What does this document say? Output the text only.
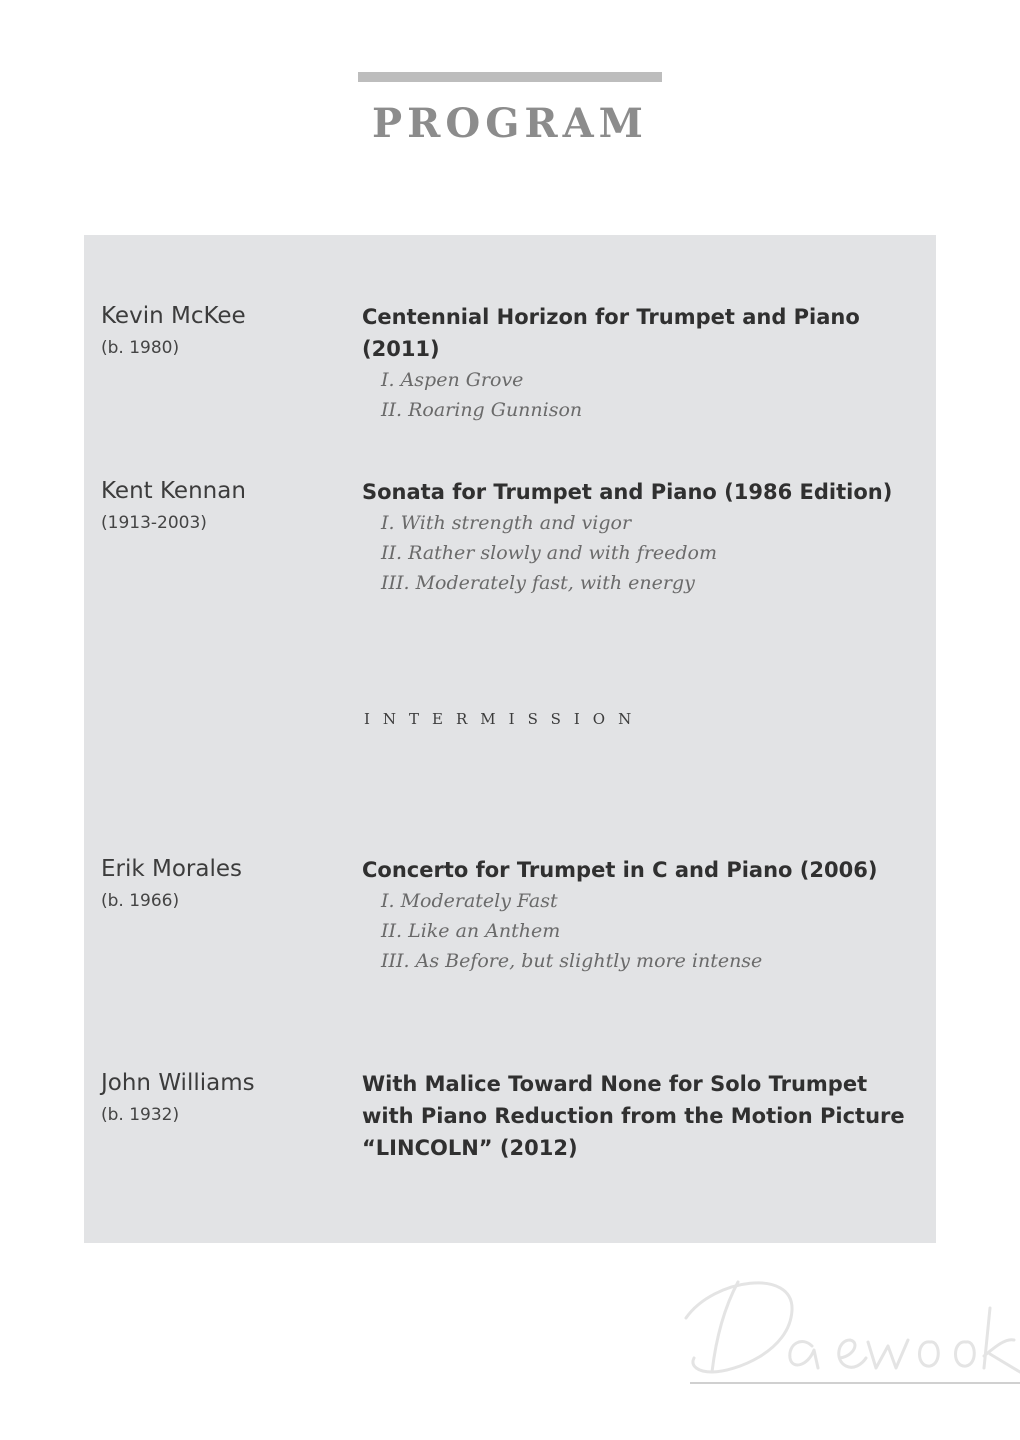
PROGRAM
Kevin McKee
(b. 1980)
Centennial Horizon for Trumpet and Piano (2011)
I. Aspen Grove
II. Roaring Gunnison
Kent Kennan
(1913-2003)
Sonata for Trumpet and Piano (1986 Edition)
I. With strength and vigor
II. Rather slowly and with freedom
III. Moderately fast, with energy
INTERMISSION
Erik Morales
(b. 1966)
Concerto for Trumpet in C and Piano (2006)
I. Moderately Fast
II. Like an Anthem
III. As Before, but slightly more intense
John Williams
(b. 1932)
With Malice Toward None for Solo Trumpet with Piano Reduction from the Motion Picture “LINCOLN” (2012)
